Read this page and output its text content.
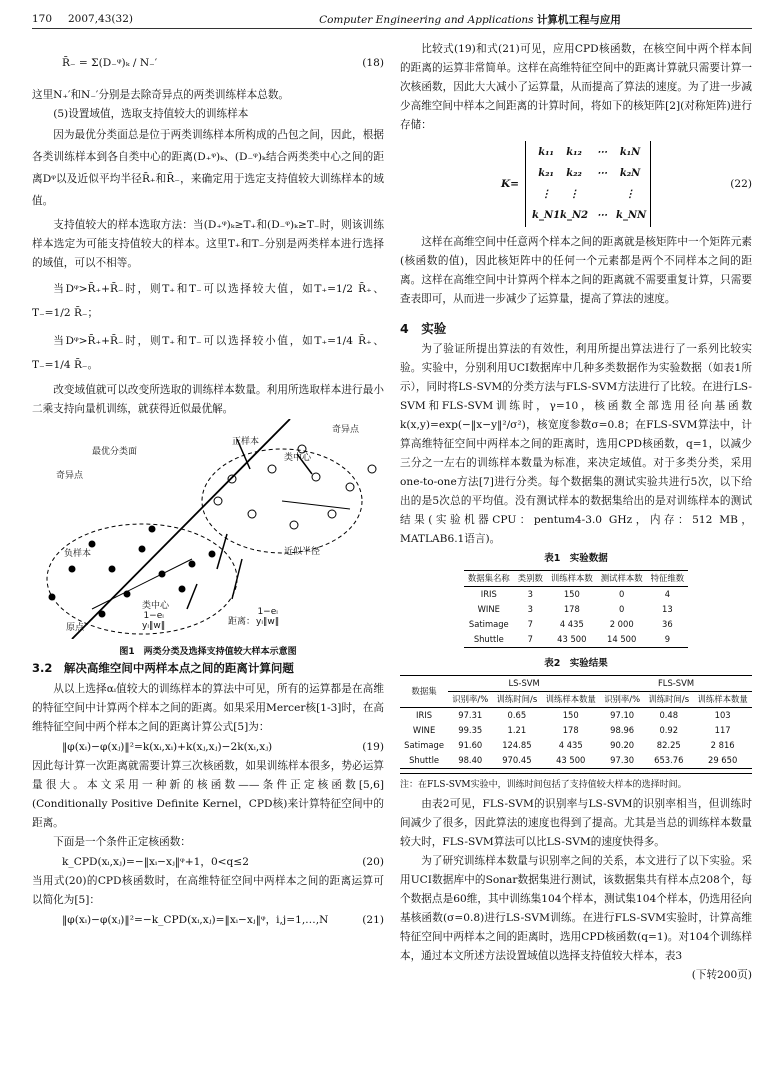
170	2007,43(32)	Computer Engineering and Applications 计算机工程与应用
R̄₋ = Σ(D₋ᵠ)ₖ / N₋′	(18)

这里N₊′和N₋′分别是去除奇异点的两类训练样本总数。

(5)设置域值，选取支持值较大的训练样本

因为最优分类面总是位于两类训练样本所构成的凸包之间，因此，根据各类训练样本到各自类中心的距离(D₊ᵠ)ₖ、(D₋ᵠ)ₖ结合两类类中心之间的距离Dᵠ以及近似平均半径R̄₊和R̄₋，来确定用于选定支持值较大训练样本的域值。

支持值较大的样本选取方法：当(D₊ᵠ)ₖ≥T₊和(D₋ᵠ)ₖ≥T₋时，则该训练样本选定为可能支持值较大的样本。这里T₊和T₋分别是两类样本进行选择的域值，可以不相等。

当Dᵠ>R̄₊+R̄₋时，则T₊和T₋可以选择较大值，如T₊=1/2 R̄₊、T₋=1/2 R̄₋；

当Dᵠ>R̄₊+R̄₋时，则T₊和T₋可以选择较小值，如T₊=1/4 R̄₊、T₋=1/4 R̄₋。

改变域值就可以改变所选取的训练样本数量。利用所选取样本进行最小二乘支持向量机训练，就获得近似最优解。

奇异点
最优分类面
正样本
类中心
奇异点
负样本	近似半径
类中心
原点
1−eᵢ
yᵢ‖w‖	距离：
1−eᵢ
yᵢ‖w‖
图1　两类分类及选择支持值较大样本示意图
3.2　解决高维空间中两样本点之间的距离计算问题

从以上选择αᵢ值较大的训练样本的算法中可见，所有的运算都是在高维的特征空间中计算两个样本之间的距离。如果采用Mercer核[1-3]时，在高维特征空间中两个样本之间的距离计算公式[5]为：

‖φ(xᵢ)−φ(xⱼ)‖²=k(xᵢ,xᵢ)+k(xⱼ,xⱼ)−2k(xᵢ,xⱼ)	(19)

因此每计算一次距离就需要计算三次核函数，如果训练样本很多，势必运算量很大。本文采用一种新的核函数——条件正定核函数[5,6](Conditionally Positive Definite Kernel，CPD核)来计算特征空间中的距离。

下面是一个条件正定核函数：

k_CPD(xᵢ,xⱼ)=−‖xᵢ−xⱼ‖ᵠ+1，0<q≤2	(20)

当用式(20)的CPD核函数时，在高维特征空间中两样本之间的距离运算可以简化为[5]：

‖φ(xᵢ)−φ(xⱼ)‖²=−k_CPD(xᵢ,xⱼ)=‖xᵢ−xⱼ‖ᵠ，i,j=1,…,N	(21)

比较式(19)和式(21)可见，应用CPD核函数，在核空间中两个样本间的距离的运算非常简单。这样在高维特征空间中的距离计算就只需要计算一次核函数，因此大大减小了运算量，从而提高了算法的速度。为了进一步减少高维空间中样本之间距离的计算时间，将如下的核矩阵[2](对称矩阵)进行存储：

K=
k₁₁	k₁₂	⋯	k₁N
k₂₁	k₂₂	⋯	k₂N
⋮	⋮	⋮
k_N1 k_N2 ⋯ k_NN
(22)

这样在高维空间中任意两个样本之间的距离就是核矩阵中一个矩阵元素(核函数的值)，因此核矩阵中的任何一个元素都是两个不同样本之间的距离。这样在高维空间中计算两个样本之间的距离就不需要重复计算，只需要查表即可，从而进一步减少了运算量，提高了算法的速度。

4　实验

为了验证所提出算法的有效性，利用所提出算法进行了一系列比较实验。实验中，分别利用UCI数据库中几种多类数据作为实验数据（如表1所示），同时将LS-SVM的分类方法与FLS-SVM方法进行了比较。在进行LS-SVM和FLS-SVM训练时，γ=10，核函数全部选用径向基函数k(x,y)=exp(−‖x−y‖²/σ²)，核宽度参数σ=0.8；在FLS-SVM算法中，计算高维特征空间中两样本之间的距离时，选用CPD核函数，q=1，以减少三分之一左右的训练样本数量为标准，来决定域值。对于多类分类，采用one-to-one方法[7]进行分类。每个数据集的测试实验共进行5次，以下给出的是5次总的平均值。没有测试样本的数据集给出的是对训练样本的测试结果(实验机器CPU：pentum4-3.0 GHz，内存：512 MB，MATLAB6.1语言)。

表1　实验数据
数据集名称	类别数	训练样本数	测试样本数	特征维数
IRIS	3	150	0	4
WINE	3	178	0	13
Satimage	7	4 435	2 000	36
Shuttle	7	43 500	14 500	9
表2　实验结果
数据集	LS-SVM			FLS-SVM		
	识别率/%	训练时间/s	训练样本数量	识别率/%	训练时间/s	训练样本数量
IRIS	97.31	0.65	150	97.10	0.48	103
WINE	99.35	1.21	178	98.96	0.92	117
Satimage	91.60	124.85	4 435	90.20	82.25	2 816
Shuttle	98.40	970.45	43 500	97.30	653.76	29 650

注：在FLS-SVM实验中，训练时间包括了支持值较大样本的选择时间。

由表2可见，FLS-SVM的识别率与LS-SVM的识别率相当，但训练时间减少了很多，因此算法的速度也得到了提高。尤其是当总的训练样本数量较大时，FLS-SVM算法可以比LS-SVM的速度快得多。

为了研究训练样本数量与识别率之间的关系，本文进行了以下实验。采用UCI数据库中的Sonar数据集进行测试，该数据集共有样本点208个，每个数据点是60维，其中训练集104个样本，测试集104个样本，仍选用径向基核函数(σ=0.8)进行LS-SVM训练。在进行FLS-SVM实验时，计算高维特征空间中两样本之间的距离时，选用CPD核函数(q=1)。对104个训练样本，通过本文所述方法设置域值以选择支持值较大样本，表3

(下转200页)
